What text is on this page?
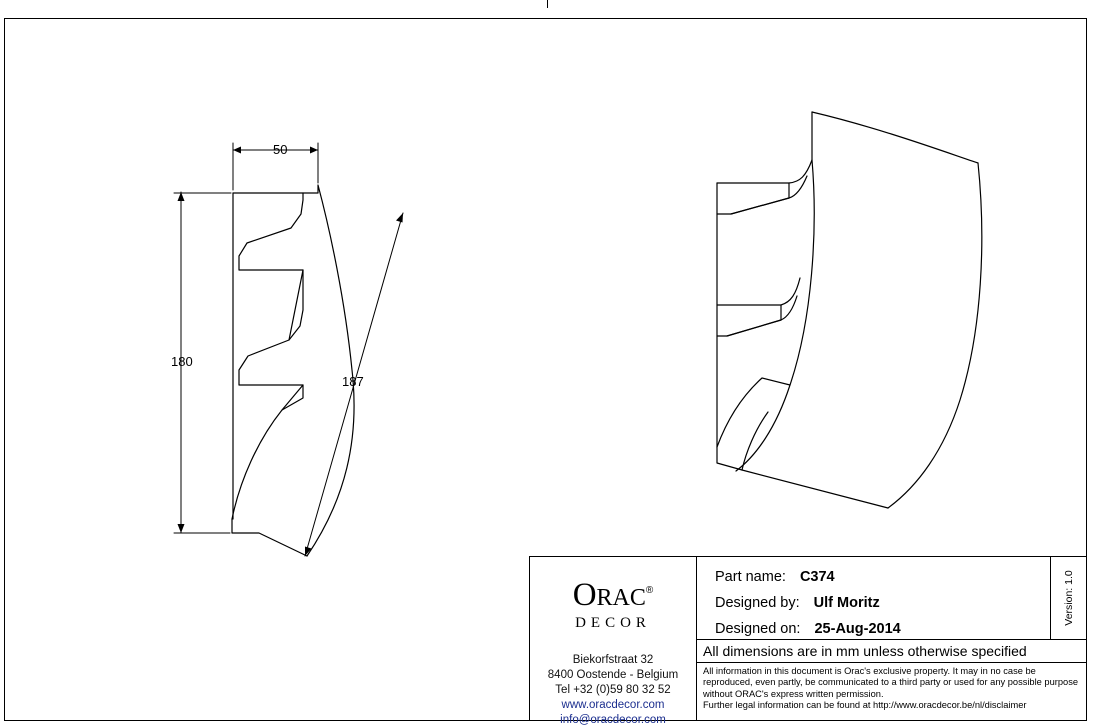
50
180
187
ORAC®
DECOR
Biekorfstraat 32
8400 Oostende - Belgium
Tel +32 (0)59 80 32 52
www.oracdecor.com
info@oracdecor.com
Part name: C374
Designed by: Ulf Moritz
Designed on: 25-Aug-2014
Version: 1.0
All dimensions are in mm unless otherwise specified
All information in this document is Orac's exclusive property. It may in no case be reproduced, even partly, be communicated to a third party or used for any possible purpose without ORAC's express written permission.
Further legal information can be found at http://www.oracdecor.be/nl/disclaimer
